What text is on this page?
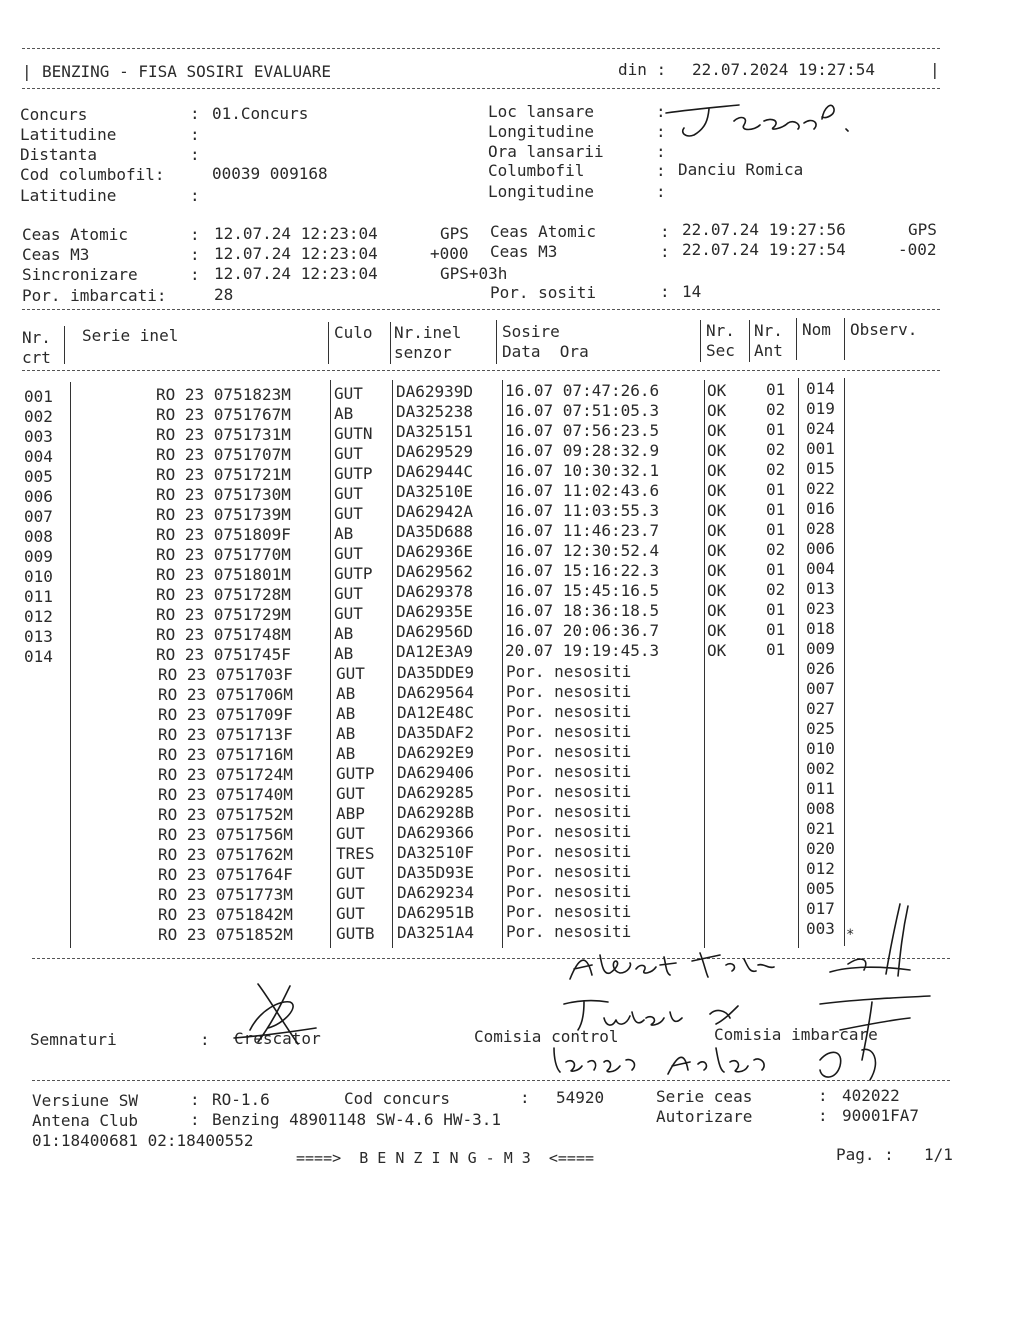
| BENZING - FISA SOSIRI EVALUARE	din : 22.07.2024 19:27:54	|
Concurs	: 01.Concurs
Latitudine	:
Distanta	:
Cod columbofil:	00039 009168
Latitudine	:
Loc lansare	:
Longitudine	:
Ora lansarii	:
Columbofil	: Danciu Romica
Longitudine	:
Ceas Atomic	: 12.07.24 12:23:04	GPS
Ceas M3	: 12.07.24 12:23:04	+000
Sincronizare	: 12.07.24 12:23:04	GPS+03h
Por. imbarcati:	28
Ceas Atomic	: 22.07.24 19:27:56	GPS
Ceas M3	: 22.07.24 19:27:54	-002
Por. sositi	: 14
Nr.
crt
Serie inel	Culo Nr.inel
senzor
Sosire
Data  Ora
Nr.
Sec
Nr.
Ant
Nom Observ.
001	RO 23 0751823M	GUT DA62939D 16.07 07:47:26.6	OK 01 014
002	RO 23 0751767M	AB	DA325238 16.07 07:51:05.3	OK 02 019
003	RO 23 0751731M	GUTN DA325151 16.07 07:56:23.5	OK 01 024
004	RO 23 0751707M	GUT DA629529 16.07 09:28:32.9	OK 02 001
005	RO 23 0751721M	GUTP DA62944C 16.07 10:30:32.1	OK 02 015
006	RO 23 0751730M	GUT DA32510E 16.07 11:02:43.6	OK 01 022
007	RO 23 0751739M	GUT DA62942A 16.07 11:03:55.3	OK 01 016
008	RO 23 0751809F	AB	DA35D688 16.07 11:46:23.7	OK 01 028
009	RO 23 0751770M	GUT DA62936E 16.07 12:30:52.4	OK 02 006
010	RO 23 0751801M	GUTP DA629562 16.07 15:16:22.3	OK 01 004
011	RO 23 0751728M	GUT DA629378 16.07 15:45:16.5	OK 02 013
012	RO 23 0751729M	GUT DA62935E 16.07 18:36:18.5	OK 01 023
013	RO 23 0751748M	AB	DA62956D 16.07 20:06:36.7	OK 01 018
014	RO 23 0751745F	AB	DA12E3A9 20.07 19:19:45.3	OK 01 009
RO 23 0751703F	GUT DA35DDE9 Por. nesositi	026
RO 23 0751706M	AB	DA629564 Por. nesositi	007
RO 23 0751709F	AB	DA12E48C Por. nesositi	027
RO 23 0751713F	AB	DA35DAF2 Por. nesositi	025
RO 23 0751716M	AB	DA6292E9 Por. nesositi	010
RO 23 0751724M	GUTP DA629406 Por. nesositi	002
RO 23 0751740M	GUT DA629285 Por. nesositi	011
RO 23 0751752M	ABP DA62928B Por. nesositi	008
RO 23 0751756M	GUT DA629366 Por. nesositi	021
RO 23 0751762M	TRES DA32510F Por. nesositi	020
RO 23 0751764F	GUT DA35D93E Por. nesositi	012
RO 23 0751773M	GUT DA629234 Por. nesositi	005
RO 23 0751842M	GUT DA62951B Por. nesositi	017
RO 23 0751852M	GUTB DA3251A4 Por. nesositi	003
Semnaturi	: Crescator	Comisia control	Comisia imbarcare
*
Versiune SW	: RO-1.6	Cod concurs	: 54920	Serie ceas	: 402022
Antena Club	: Benzing 48901148 SW-4.6 HW-3.1	Autorizare	: 90001FA7
01:18400681 02:18400552
====>  B E N Z I N G - M 3  <====	Pag. : 1/1
